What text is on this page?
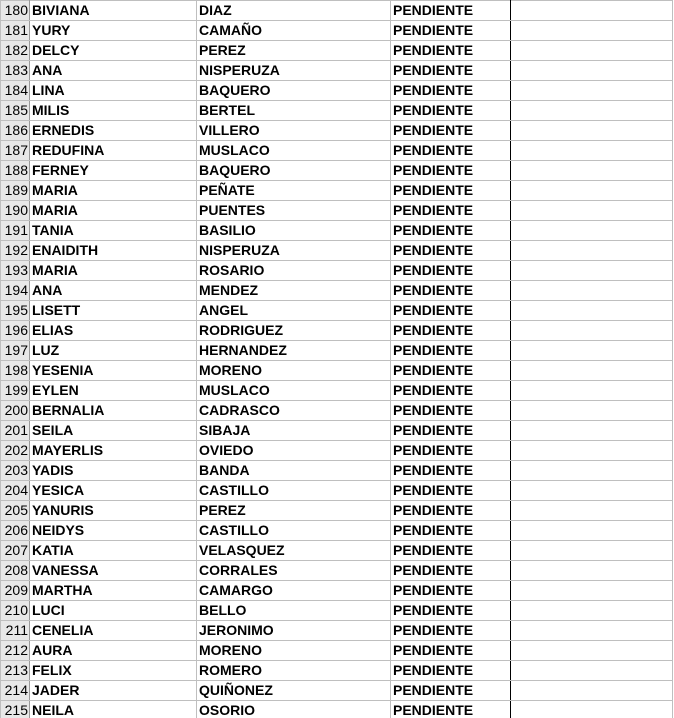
180	BIVIANA	DIAZ	PENDIENTE	
181	YURY	CAMAÑO	PENDIENTE	
182	DELCY	PEREZ	PENDIENTE	
183	ANA	NISPERUZA	PENDIENTE	
184	LINA	BAQUERO	PENDIENTE	
185	MILIS	BERTEL	PENDIENTE	
186	ERNEDIS	VILLERO	PENDIENTE	
187	REDUFINA	MUSLACO	PENDIENTE	
188	FERNEY	BAQUERO	PENDIENTE	
189	MARIA	PEÑATE	PENDIENTE	
190	MARIA	PUENTES	PENDIENTE	
191	TANIA	BASILIO	PENDIENTE	
192	ENAIDITH	NISPERUZA	PENDIENTE	
193	MARIA	ROSARIO	PENDIENTE	
194	ANA	MENDEZ	PENDIENTE	
195	LISETT	ANGEL	PENDIENTE	
196	ELIAS	RODRIGUEZ	PENDIENTE	
197	LUZ	HERNANDEZ	PENDIENTE	
198	YESENIA	MORENO	PENDIENTE	
199	EYLEN	MUSLACO	PENDIENTE	
200	BERNALIA	CADRASCO	PENDIENTE	
201	SEILA	SIBAJA	PENDIENTE	
202	MAYERLIS	OVIEDO	PENDIENTE	
203	YADIS	BANDA	PENDIENTE	
204	YESICA	CASTILLO	PENDIENTE	
205	YANURIS	PEREZ	PENDIENTE	
206	NEIDYS	CASTILLO	PENDIENTE	
207	KATIA	VELASQUEZ	PENDIENTE	
208	VANESSA	CORRALES	PENDIENTE	
209	MARTHA	CAMARGO	PENDIENTE	
210	LUCI	BELLO	PENDIENTE	
211	CENELIA	JERONIMO	PENDIENTE	
212	AURA	MORENO	PENDIENTE	
213	FELIX	ROMERO	PENDIENTE	
214	JADER	QUIÑONEZ	PENDIENTE	
215	NEILA	OSORIO	PENDIENTE	
